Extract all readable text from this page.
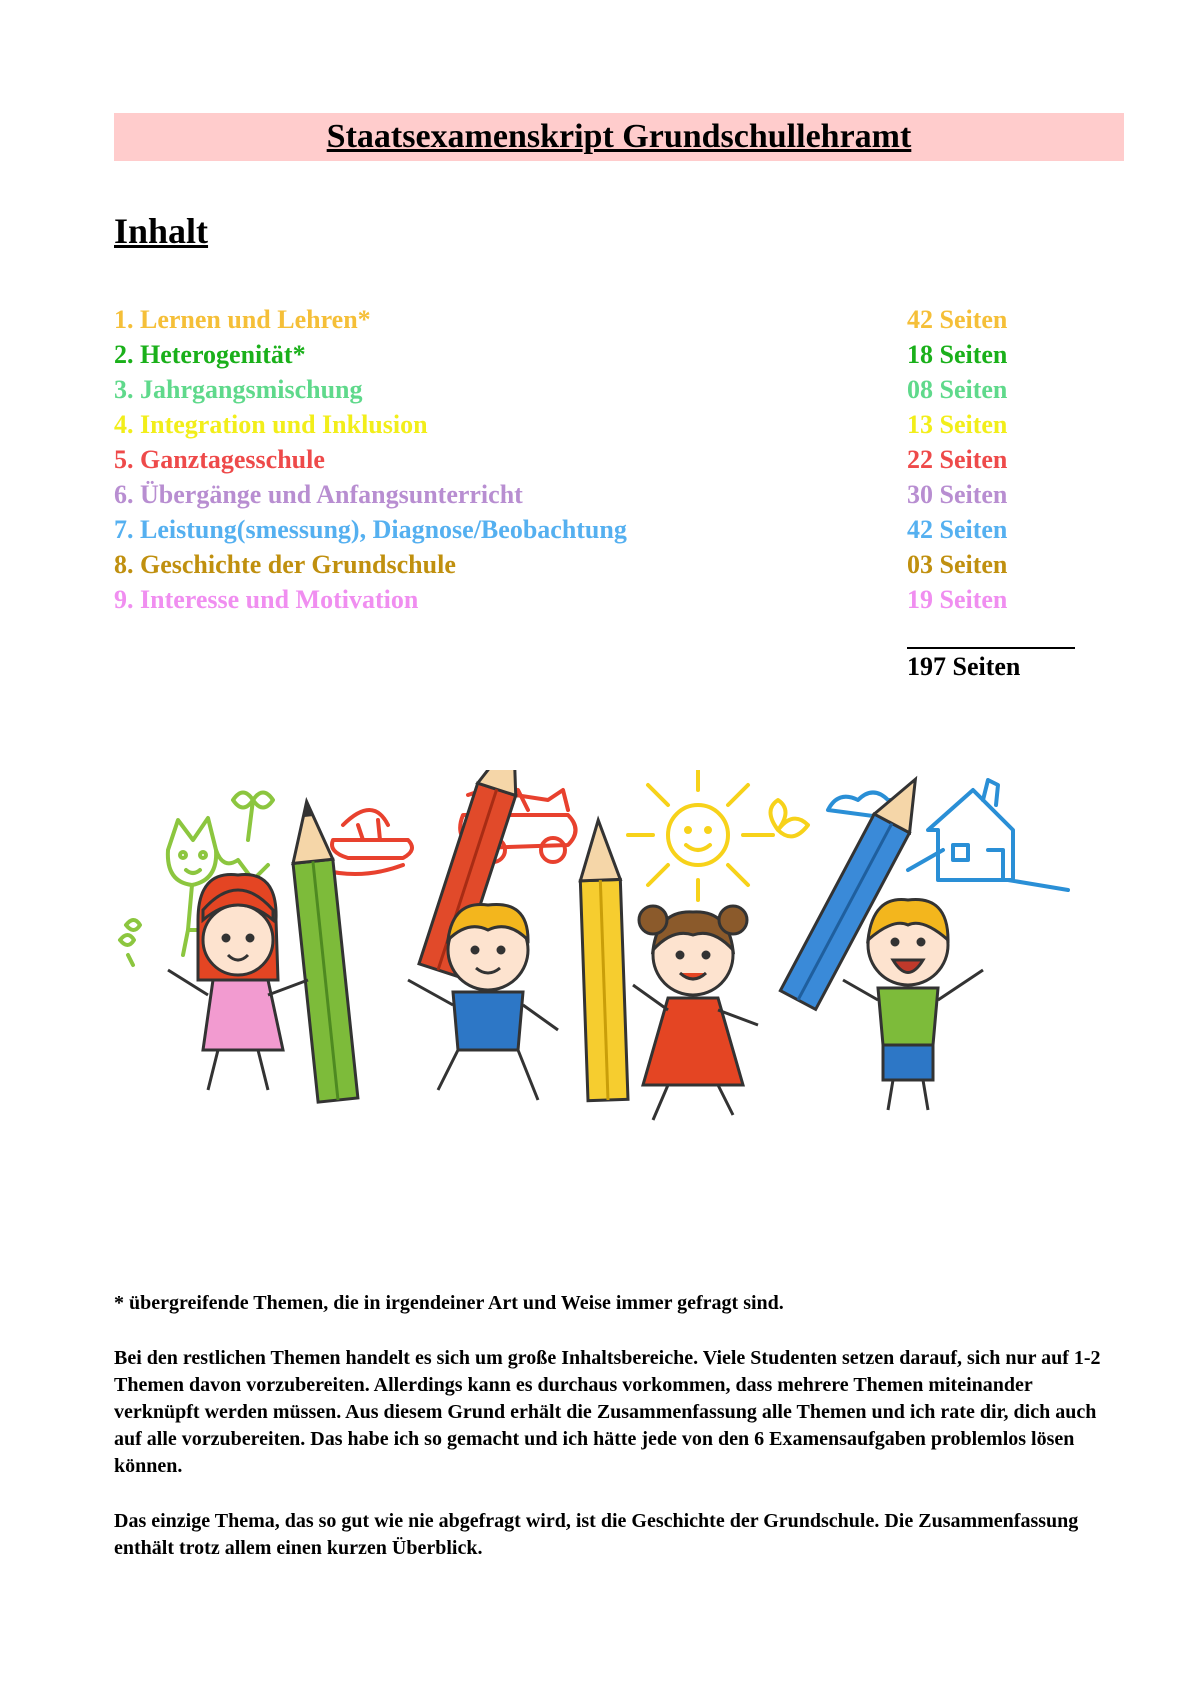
Staatsexamenskript Grundschullehramt
Inhalt
1. Lernen und Lehren*	42 Seiten
2. Heterogenität*	18 Seiten
3. Jahrgangsmischung	08 Seiten
4. Integration und Inklusion	13 Seiten
5. Ganztagesschule	22 Seiten
6. Übergänge und Anfangsunterricht	30 Seiten
7. Leistung(smessung), Diagnose/Beobachtung	42 Seiten
8. Geschichte der Grundschule	03 Seiten
9. Interesse und Motivation	19 Seiten
197 Seiten

* übergreifende Themen, die in irgendeiner Art und Weise immer gefragt sind.

Bei den restlichen Themen handelt es sich um große Inhaltsbereiche. Viele Studenten setzen darauf, sich nur auf 1-2 Themen davon vorzubereiten. Allerdings kann es durchaus vorkommen, dass mehrere Themen miteinander verknüpft werden müssen. Aus diesem Grund erhält die Zusammenfassung alle Themen und ich rate dir, dich auch auf alle vorzubereiten. Das habe ich so gemacht und ich hätte jede von den 6 Examensaufgaben problemlos lösen können.

Das einzige Thema, das so gut wie nie abgefragt wird, ist die Geschichte der Grundschule. Die Zusammenfassung enthält trotz allem einen kurzen Überblick.
